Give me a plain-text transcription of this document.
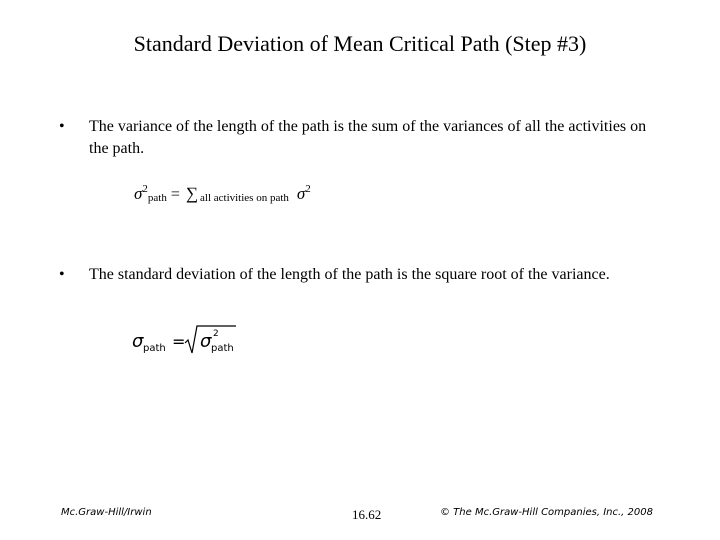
Standard Deviation of Mean Critical Path (Step #3)
• The variance of the length of the path is the sum of the variances of all the activities on the path.
$\sigma^2path$ = ∑ all activities on path $\sigma^2$
• The standard deviation of the length of the path is the square root of the variance.
σ path = σ 2
path
Mc.Graw-Hill/Irwin	16.62	© The Mc.Graw-Hill Companies, Inc., 2008
